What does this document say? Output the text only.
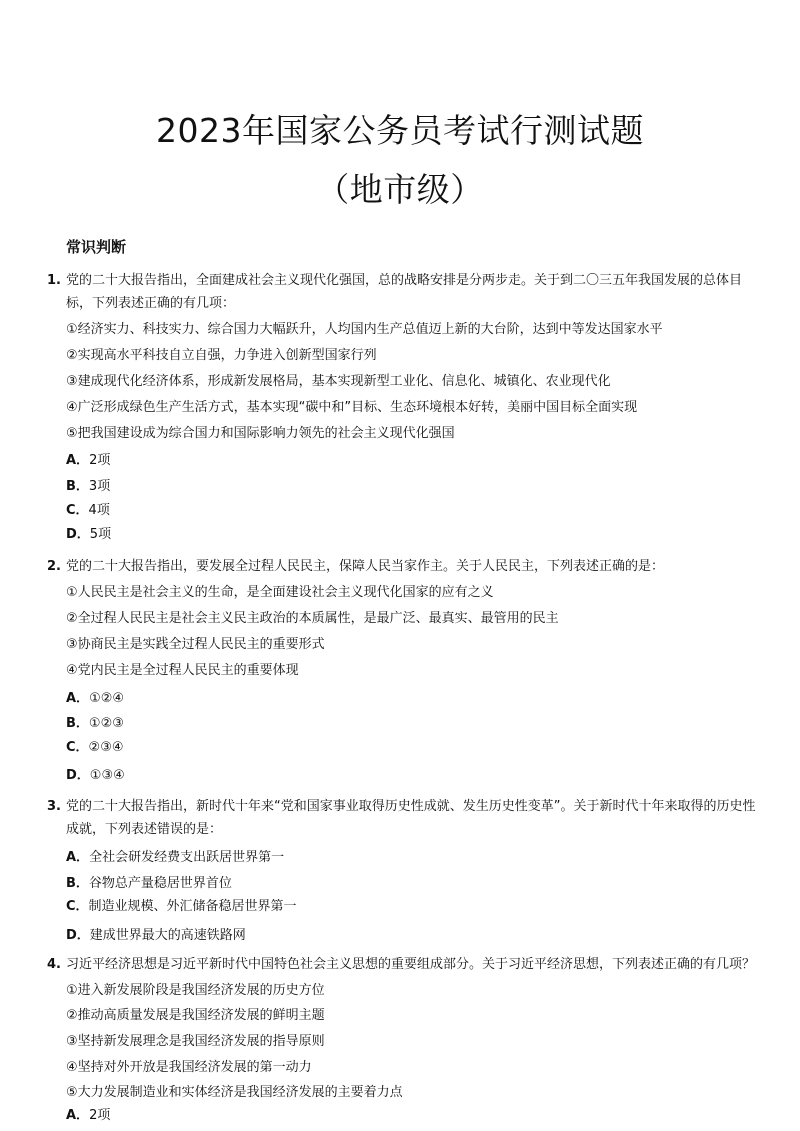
2023年国家公务员考试行测试题
（地市级）
常识判断
1. 党的二十大报告指出，全面建成社会主义现代化强国，总的战略安排是分两步走。关于到二〇三五年我国发展的总体目
标，下列表述正确的有几项：
①经济实力、科技实力、综合国力大幅跃升，人均国内生产总值迈上新的大台阶，达到中等发达国家水平
②实现高水平科技自立自强，力争进入创新型国家行列
③建成现代化经济体系，形成新发展格局，基本实现新型工业化、信息化、城镇化、农业现代化
④广泛形成绿色生产生活方式，基本实现“碳中和”目标、生态环境根本好转，美丽中国目标全面实现
⑤把我国建设成为综合国力和国际影响力领先的社会主义现代化强国
A．2项
B．3项
C．4项
D．5项
2. 党的二十大报告指出，要发展全过程人民民主，保障人民当家作主。关于人民民主，下列表述正确的是：
①人民民主是社会主义的生命，是全面建设社会主义现代化国家的应有之义
②全过程人民民主是社会主义民主政治的本质属性，是最广泛、最真实、最管用的民主
③协商民主是实践全过程人民民主的重要形式
④党内民主是全过程人民民主的重要体现
A．①②④
B．①②③
C．②③④
D．①③④
3. 党的二十大报告指出，新时代十年来“党和国家事业取得历史性成就、发生历史性变革”。关于新时代十年来取得的历史性
成就，下列表述错误的是：
A．全社会研发经费支出跃居世界第一
B．谷物总产量稳居世界首位
C．制造业规模、外汇储备稳居世界第一
D．建成世界最大的高速铁路网
4. 习近平经济思想是习近平新时代中国特色社会主义思想的重要组成部分。关于习近平经济思想，下列表述正确的有几项？
①进入新发展阶段是我国经济发展的历史方位
②推动高质量发展是我国经济发展的鲜明主题
③坚持新发展理念是我国经济发展的指导原则
④坚持对外开放是我国经济发展的第一动力
⑤大力发展制造业和实体经济是我国经济发展的主要着力点
A．2项
